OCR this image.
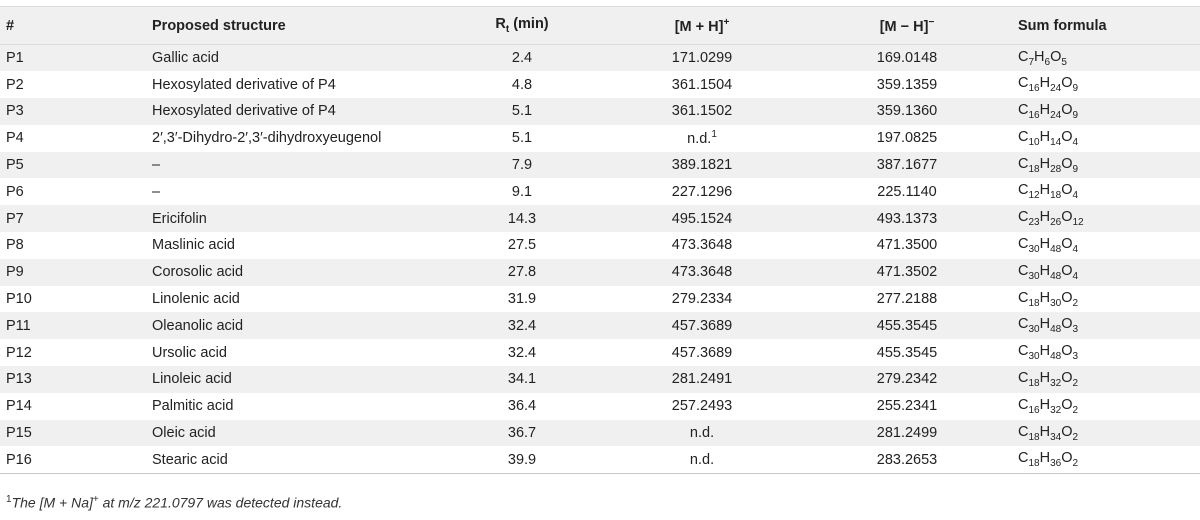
#	Proposed structure	$R_t$ (min)	[M + H]+	[M − H]−	Sum formula
P1	Gallic acid	2.4	171.0299	169.0148	$C_7H_6O_5$
P2	Hexosylated derivative of P4	4.8	361.1504	359.1359	$C_{16}H_{24}O_9$
P3	Hexosylated derivative of P4	5.1	361.1502	359.1360	$C_{16}H_{24}O_9$
P4	2′,3′-Dihydro-2′,3′-dihydroxyeugenol	5.1	n.d.$^1$	197.0825	$C_{10}H_{14}O_4$
P5	–	7.9	389.1821	387.1677	$C_{18}H_{28}O_9$
P6	–	9.1	227.1296	225.1140	$C_{12}H_{18}O_4$
P7	Ericifolin	14.3	495.1524	493.1373	$C_{23}H_{26}O_{12}$
P8	Maslinic acid	27.5	473.3648	471.3500	$C_{30}H_{48}O_4$
P9	Corosolic acid	27.8	473.3648	471.3502	$C_{30}H_{48}O_4$
P10	Linolenic acid	31.9	279.2334	277.2188	$C_{18}H_{30}O_2$
P11	Oleanolic acid	32.4	457.3689	455.3545	$C_{30}H_{48}O_3$
P12	Ursolic acid	32.4	457.3689	455.3545	$C_{30}H_{48}O_3$
P13	Linoleic acid	34.1	281.2491	279.2342	$C_{18}H_{32}O_2$
P14	Palmitic acid	36.4	257.2493	255.2341	$C_{16}H_{32}O_2$
P15	Oleic acid	36.7	n.d.	281.2499	$C_{18}H_{34}O_2$
P16	Stearic acid	39.9	n.d.	283.2653	$C_{18}H_{36}O_2$
$^1$The [M + Na]+ at m/z 221.0797 was detected instead.
